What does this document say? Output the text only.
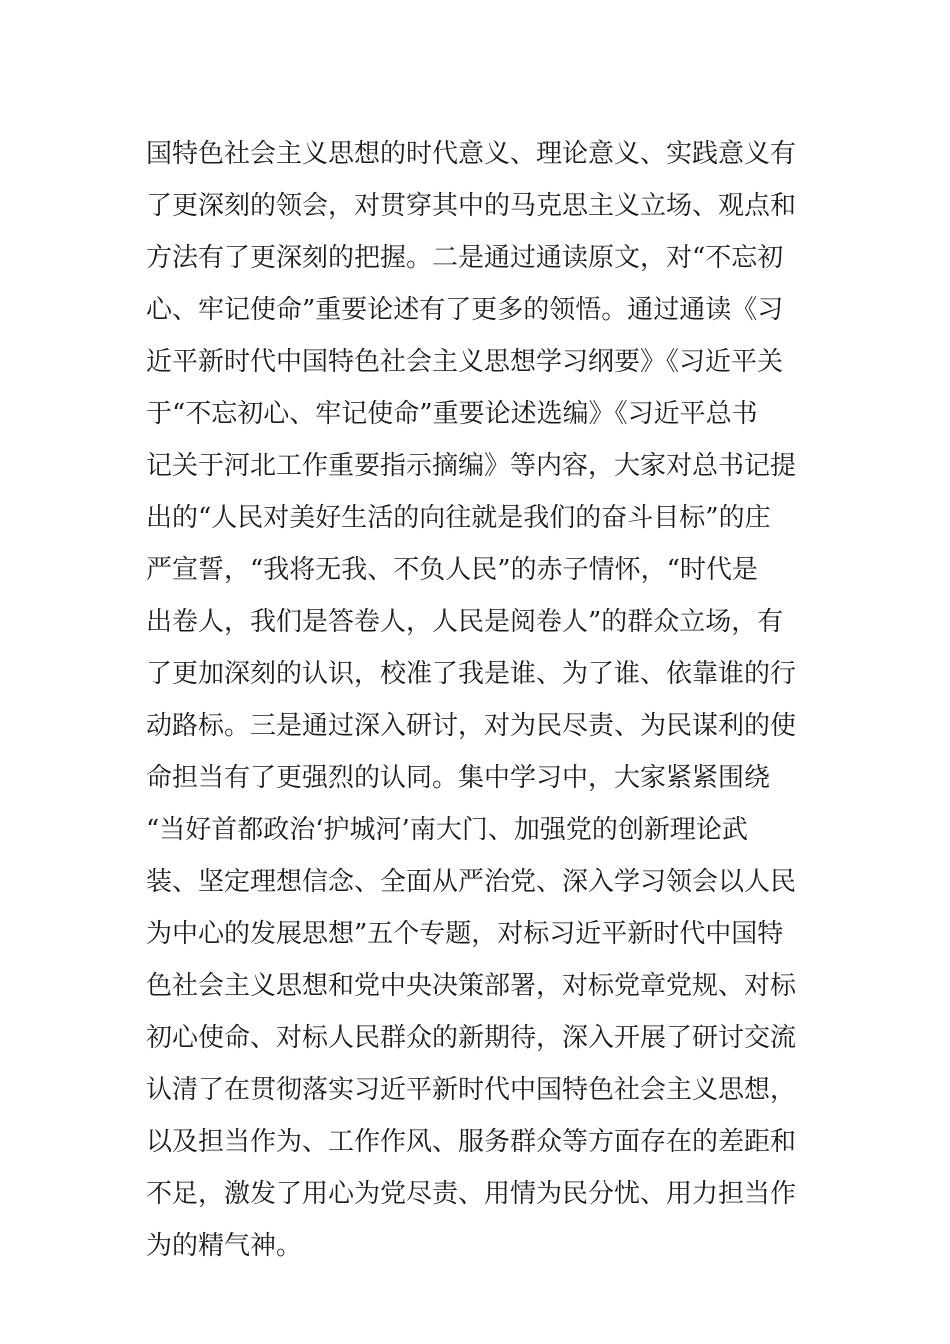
国特色社会主义思想的时代意义、理论意义、实践意义有
了更深刻的领会，对贯穿其中的马克思主义立场、观点和
方法有了更深刻的把握。二是通过通读原文，对“不忘初
心、牢记使命”重要论述有了更多的领悟。通过通读《习
近平新时代中国特色社会主义思想学习纲要》《习近平关
于“不忘初心、牢记使命”重要论述选编》《习近平总书
记关于河北工作重要指示摘编》等内容，大家对总书记提
出的“人民对美好生活的向往就是我们的奋斗目标”的庄
严宣誓，“我将无我、不负人民”的赤子情怀，“时代是
出卷人，我们是答卷人，人民是阅卷人”的群众立场，有
了更加深刻的认识，校准了我是谁、为了谁、依靠谁的行
动路标。三是通过深入研讨，对为民尽责、为民谋利的使
命担当有了更强烈的认同。集中学习中，大家紧紧围绕
“当好首都政治‘护城河’南大门、加强党的创新理论武
装、坚定理想信念、全面从严治党、深入学习领会以人民
为中心的发展思想”五个专题，对标习近平新时代中国特
色社会主义思想和党中央决策部署，对标党章党规、对标
初心使命、对标人民群众的新期待，深入开展了研讨交流
认清了在贯彻落实习近平新时代中国特色社会主义思想，
以及担当作为、工作作风、服务群众等方面存在的差距和
不足，激发了用心为党尽责、用情为民分忧、用力担当作
为的精气神。
